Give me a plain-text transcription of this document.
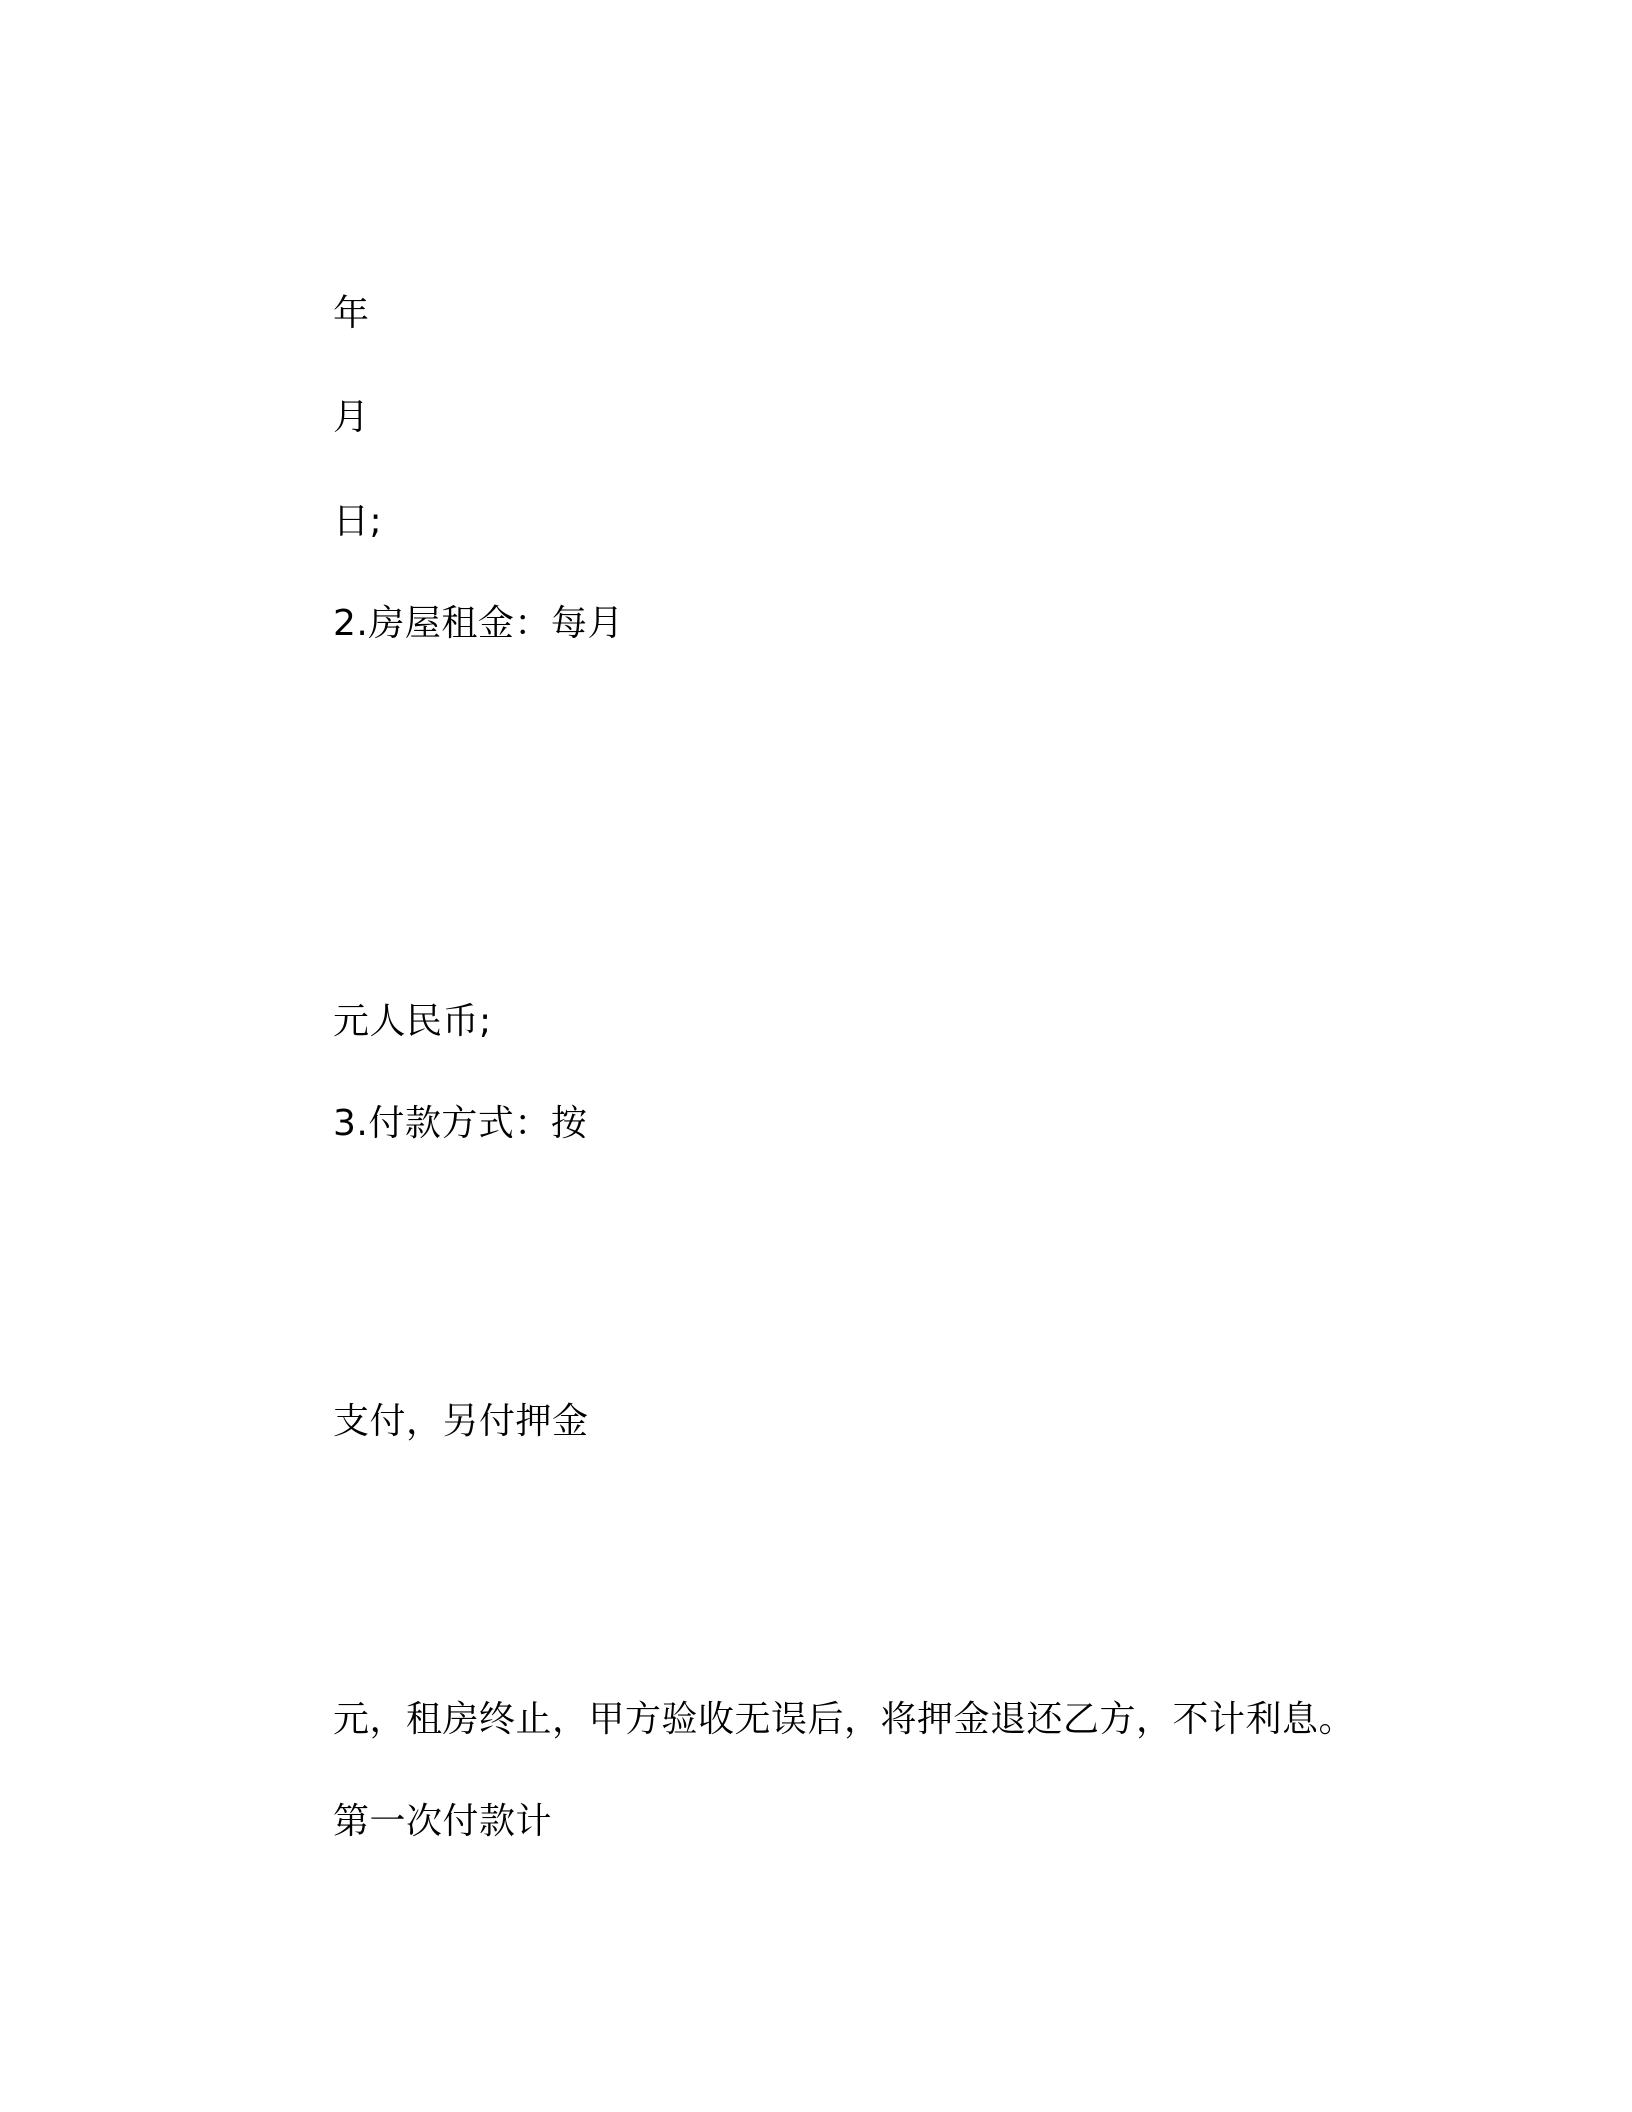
年

月

日;

2.房屋租金：每月

元人民币;

3.付款方式：按

支付，另付押金

元，租房终止，甲方验收无误后，将押金退还乙方，不计利息。

第一次付款计
